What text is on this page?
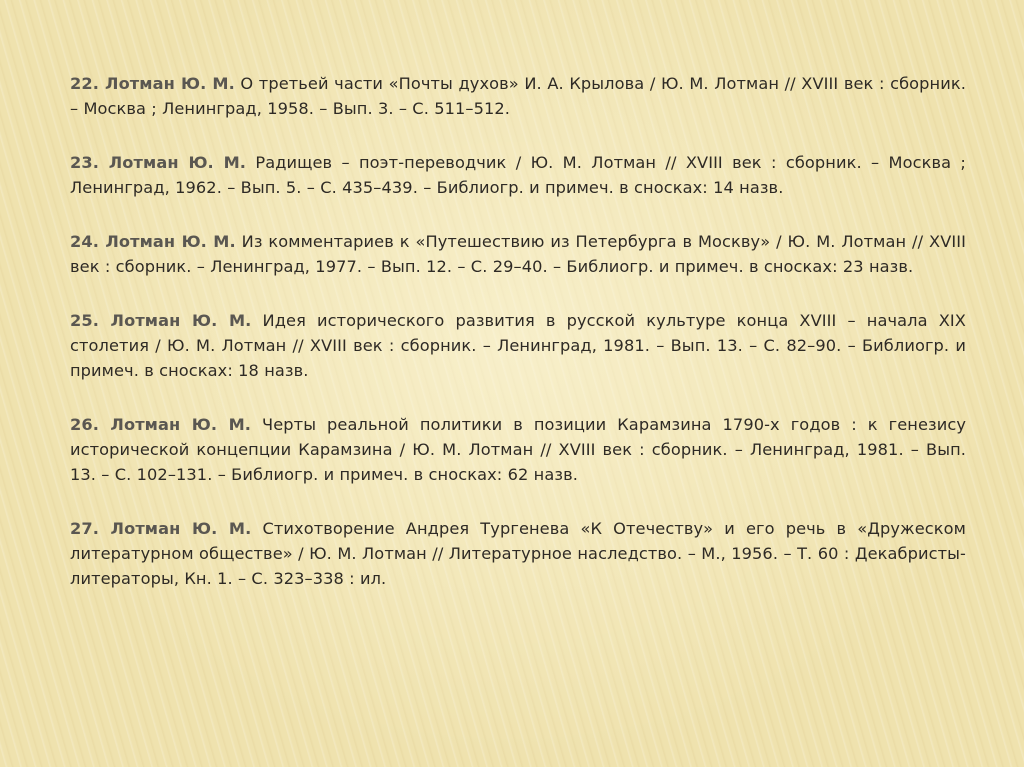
22. Лотман Ю. М. О третьей части «Почты духов» И. А. Крылова / Ю. М. Лотман // XVIII век : сборник. – Москва ; Ленинград, 1958. – Вып. 3. – С. 511–512.

23. Лотман Ю. М. Радищев – поэт-переводчик / Ю. М. Лотман // XVIII век : сборник. – Москва ; Ленинград, 1962. – Вып. 5. – С. 435–439. – Библиогр. и примеч. в сносках: 14 назв.

24. Лотман Ю. М. Из комментариев к «Путешествию из Петербурга в Москву» / Ю. М. Лотман // XVIII век : сборник. – Ленинград, 1977. – Вып. 12. – С. 29–40. – Библиогр. и примеч. в сносках: 23 назв.

25. Лотман Ю. М. Идея исторического развития в русской культуре конца XVIII – начала XIX столетия / Ю. М. Лотман // XVIII век : сборник. – Ленинград, 1981. – Вып. 13. – С. 82–90. – Библиогр. и примеч. в сносках: 18 назв.

26. Лотман Ю. М. Черты реальной политики в позиции Карамзина 1790-х годов : к генезису исторической концепции Карамзина / Ю. М. Лотман // XVIII век : сборник. – Ленинград, 1981. – Вып. 13. – С. 102–131. – Библиогр. и примеч. в сносках: 62 назв.

27. Лотман Ю. М. Стихотворение Андрея Тургенева «К Отечеству» и его речь в «Дружеском литературном обществе» / Ю. М. Лотман // Литературное наследство. – М., 1956. – Т. 60 : Декабристы-литераторы, Кн. 1. – С. 323–338 : ил.
